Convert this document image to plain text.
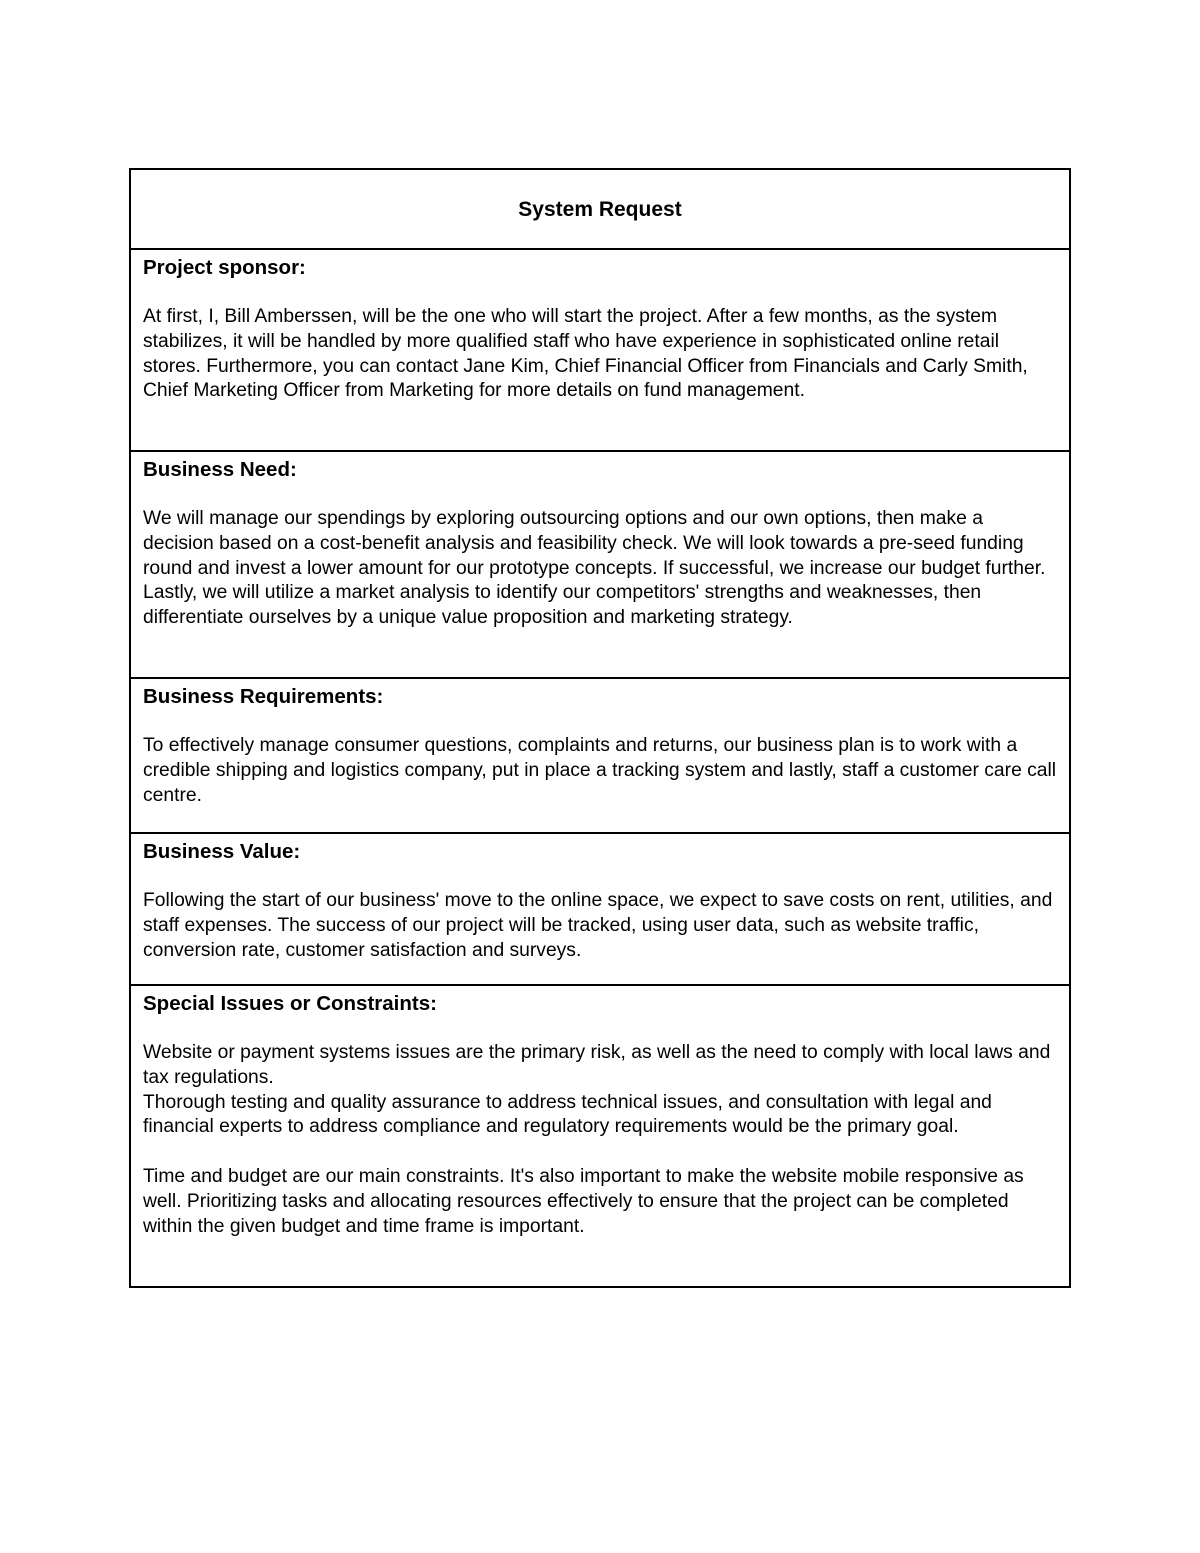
System Request

Project sponsor:

At first, I, Bill Amberssen, will be the one who will start the project. After a few months, as the system stabilizes, it will be handled by more qualified staff who have experience in sophisticated online retail stores. Furthermore, you can contact Jane Kim, Chief Financial Officer from Financials and Carly Smith, Chief Marketing Officer from Marketing for more details on fund management.

Business Need:

We will manage our spendings by exploring outsourcing options and our own options, then make a decision based on a cost-benefit analysis and feasibility check. We will look towards a pre-seed funding round and invest a lower amount for our prototype concepts. If successful, we increase our budget further. Lastly, we will utilize a market analysis to identify our competitors' strengths and weaknesses, then differentiate ourselves by a unique value proposition and marketing strategy.

Business Requirements:

To effectively manage consumer questions, complaints and returns, our business plan is to work with a credible shipping and logistics company, put in place a tracking system and lastly, staff a customer care call centre.

Business Value:

Following the start of our business' move to the online space, we expect to save costs on rent, utilities, and staff expenses. The success of our project will be tracked, using user data, such as website traffic, conversion rate, customer satisfaction and surveys.

Special Issues or Constraints:

Website or payment systems issues are the primary risk, as well as the need to comply with local laws and tax regulations.

Thorough testing and quality assurance to address technical issues, and consultation with legal and financial experts to address compliance and regulatory requirements would be the primary goal.

Time and budget are our main constraints. It's also important to make the website mobile responsive as well. Prioritizing tasks and allocating resources effectively to ensure that the project can be completed within the given budget and time frame is important.
